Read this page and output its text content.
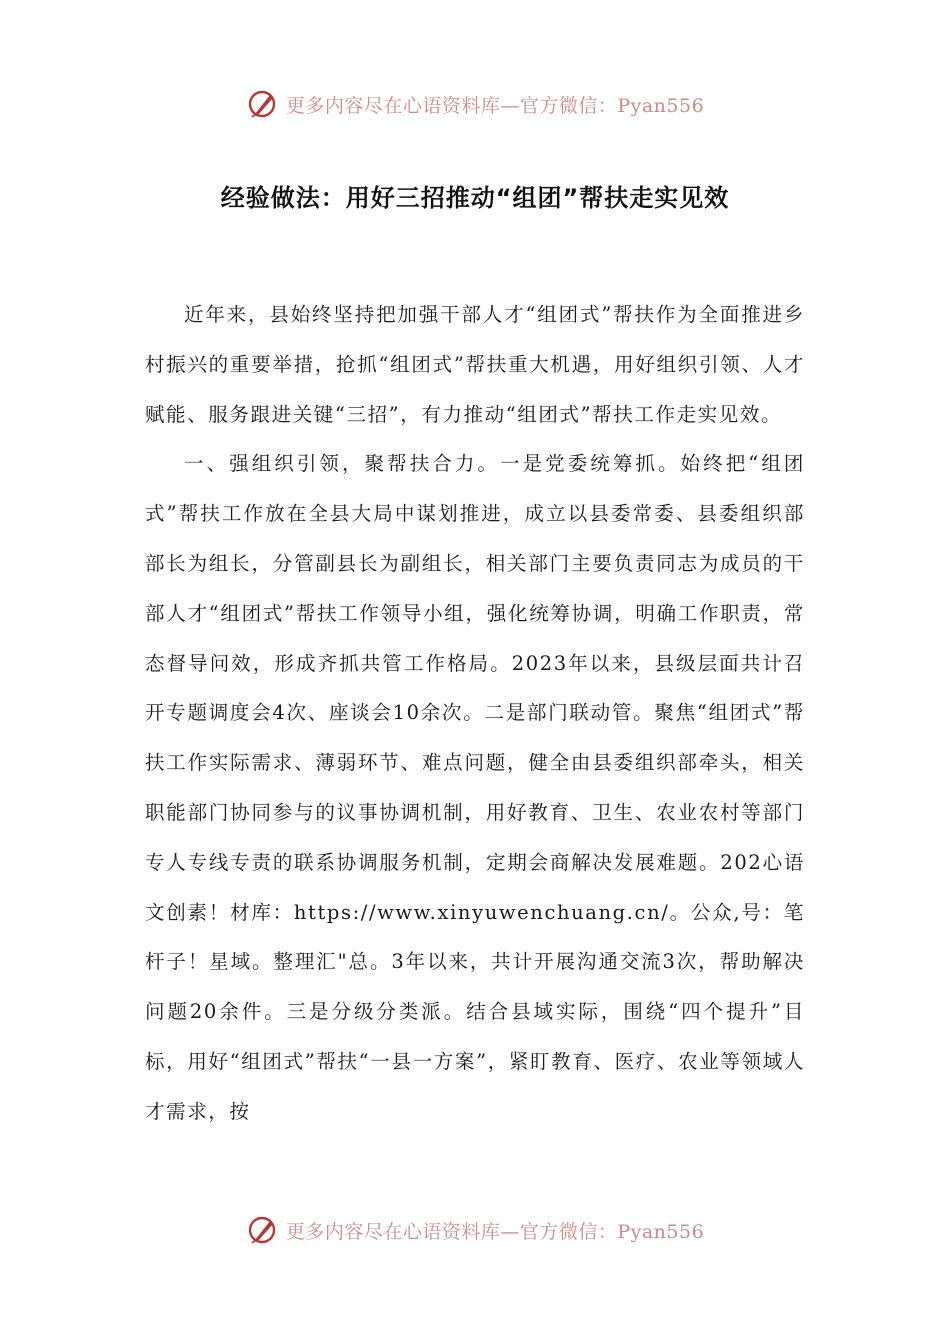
更多内容尽在心语资料库—官方微信：Pyan556
经验做法：用好三招推动“组团”帮扶走实见效

近年来，县始终坚持把加强干部人才“组团式”帮扶作为全面推进乡村振兴的重要举措，抢抓“组团式”帮扶重大机遇，用好组织引领、人才赋能、服务跟进关键“三招”，有力推动“组团式”帮扶工作走实见效。

一、强组织引领，聚帮扶合力。一是党委统筹抓。始终把“组团式”帮扶工作放在全县大局中谋划推进，成立以县委常委、县委组织部部长为组长，分管副县长为副组长，相关部门主要负责同志为成员的干部人才“组团式”帮扶工作领导小组，强化统筹协调，明确工作职责，常态督导问效，形成齐抓共管工作格局。2023年以来，县级层面共计召开专题调度会4次、座谈会10余次。二是部门联动管。聚焦“组团式”帮扶工作实际需求、薄弱环节、难点问题，健全由县委组织部牵头，相关职能部门协同参与的议事协调机制，用好教育、卫生、农业农村等部门专人专线专责的联系协调服务机制，定期会商解决发展难题。202心语文创素！材库：https://www.xinyuwenchuang.cn/。公众,号：笔杆子！星域。整理汇"总。3年以来，共计开展沟通交流3次，帮助解决问题20余件。三是分级分类派。结合县域实际，围绕“四个提升”目标，用好“组团式”帮扶“一县一方案”，紧盯教育、医疗、农业等领域人才需求，按

更多内容尽在心语资料库—官方微信：Pyan556
